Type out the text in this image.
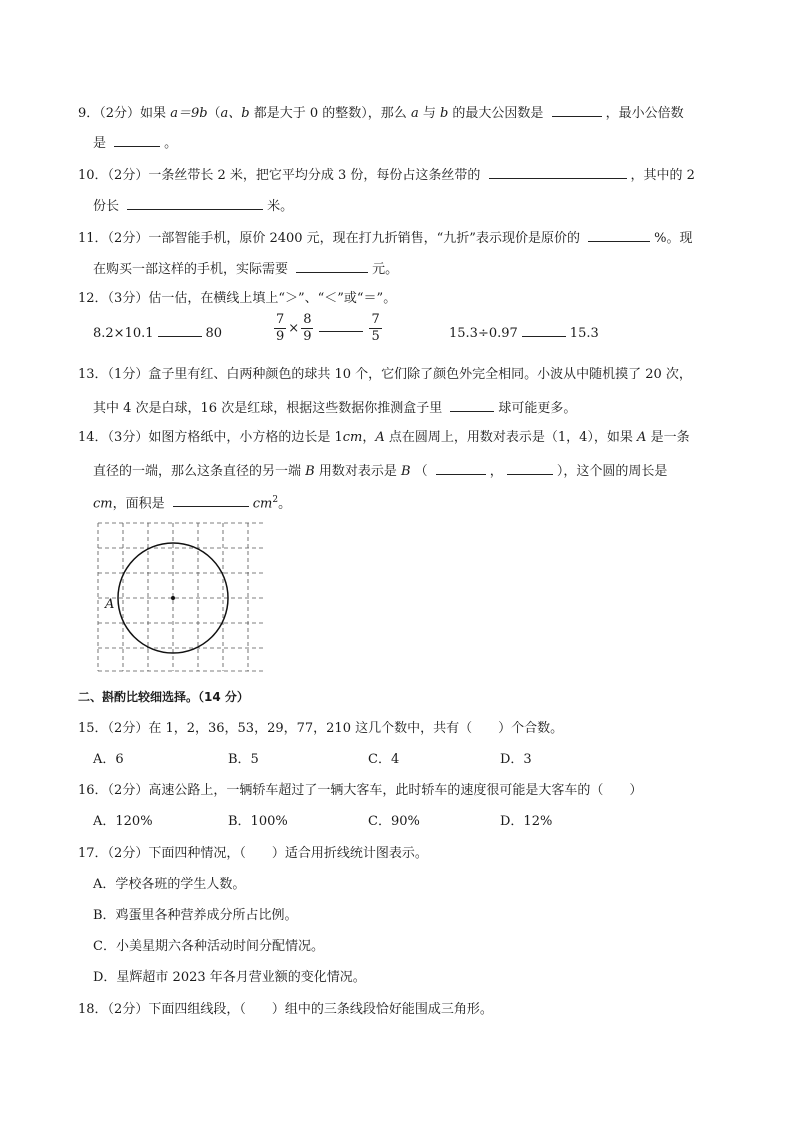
9．（2分）如果 a＝9b（a、b 都是大于 0 的整数），那么 a 与 b 的最大公因数是	，最小公倍数
是	。
10．（2分）一条丝带长 2 米，把它平均分成 3 份，每份占这条丝带的	，其中的 2
份长	米。
11．（2分）一部智能手机，原价 2400 元，现在打九折销售，“九折”表示现价是原价的	%。现
在购买一部这样的手机，实际需要	元。
12．（3分）估一估，在横线上填上“＞”、“＜”或“＝”。
8.2×10.1	80	$\frac{7}{9} \times \frac{8}{9}$	$\frac{7}{5}$	15.3÷0.97	15.3
13．（1分）盒子里有红、白两种颜色的球共 10 个，它们除了颜色外完全相同。小波从中随机摸了 20 次，
其中 4 次是白球，16 次是红球，根据这些数据你推测盒子里	球可能更多。
14．（3分）如图方格纸中，小方格的边长是 1cm，A 点在圆周上，用数对表示是（1，4），如果 A 是一条
直径的一端，那么这条直径的另一端 B 用数对表示是 B （	，	），这个圆的周长是
cm，面积是	$cm^2$。
A
二、斟酌比较细选择。（14 分）
15．（2分）在 1，2，36，53，29，77，210 这几个数中，共有（　　）个合数。
A．6	B．5	C．4	D．3
16．（2分）高速公路上，一辆轿车超过了一辆大客车，此时轿车的速度很可能是大客车的（　　）
A．120%	B．100%	C．90%	D．12%
17．（2分）下面四种情况，（　　）适合用折线统计图表示。
A．学校各班的学生人数。
B．鸡蛋里各种营养成分所占比例。
C．小美星期六各种活动时间分配情况。
D．星辉超市 2023 年各月营业额的变化情况。
18．（2分）下面四组线段，（　　）组中的三条线段恰好能围成三角形。
